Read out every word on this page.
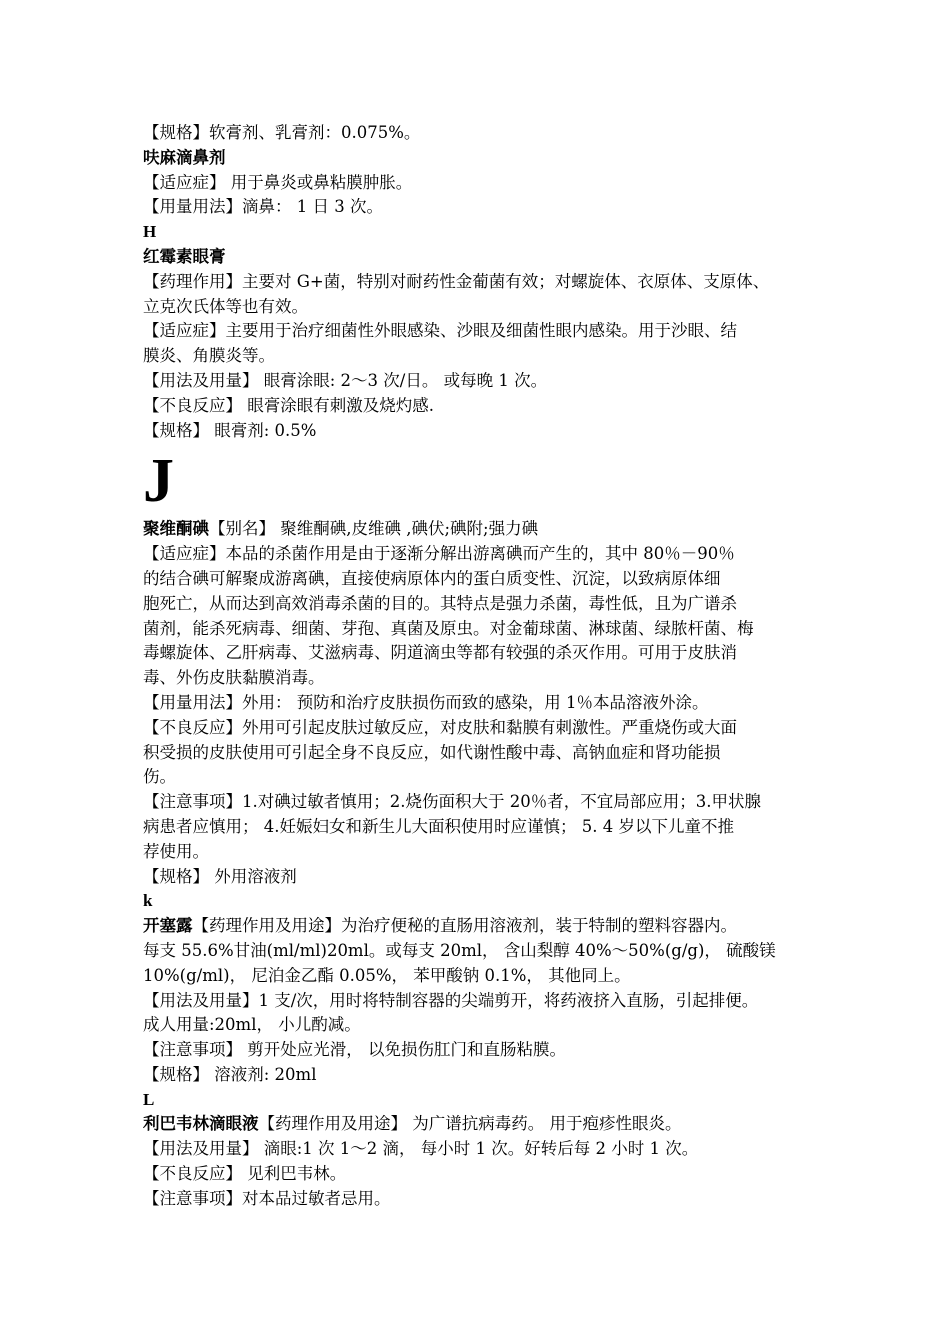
【规格】软膏剂、乳膏剂：0.075%。

呋麻滴鼻剂

【适应症】 用于鼻炎或鼻粘膜肿胀。

【用量用法】滴鼻： 1 日 3 次。

H

红霉素眼膏

【药理作用】主要对 G+菌，特别对耐药性金葡菌有效；对螺旋体、衣原体、支原体、

立克次氏体等也有效。

【适应症】主要用于治疗细菌性外眼感染、沙眼及细菌性眼内感染。用于沙眼、结

膜炎、角膜炎等。

【用法及用量】 眼膏涂眼: 2～3 次/日。 或每晚 1 次。

【不良反应】 眼膏涂眼有刺激及烧灼感.

【规格】 眼膏剂: 0.5%

J

聚维酮碘【别名】 聚维酮碘,皮维碘 ,碘伏;碘附;强力碘

【适应症】本品的杀菌作用是由于逐渐分解出游离碘而产生的，其中 80％－90％

的结合碘可解聚成游离碘，直接使病原体内的蛋白质变性、沉淀，以致病原体细

胞死亡，从而达到高效消毒杀菌的目的。其特点是强力杀菌，毒性低，且为广谱杀

菌剂，能杀死病毒、细菌、芽孢、真菌及原虫。对金葡球菌、淋球菌、绿脓杆菌、梅

毒螺旋体、乙肝病毒、艾滋病毒、阴道滴虫等都有较强的杀灭作用。可用于皮肤消

毒、外伤皮肤黏膜消毒。

【用量用法】外用： 预防和治疗皮肤损伤而致的感染，用 1％本品溶液外涂。

【不良反应】外用可引起皮肤过敏反应，对皮肤和黏膜有刺激性。严重烧伤或大面

积受损的皮肤使用可引起全身不良反应，如代谢性酸中毒、高钠血症和肾功能损

伤。

【注意事项】1.对碘过敏者慎用；2.烧伤面积大于 20％者，不宜局部应用；3.甲状腺

病患者应慎用； 4.妊娠妇女和新生儿大面积使用时应谨慎； 5. 4 岁以下儿童不推

荐使用。

【规格】 外用溶液剂

k

开塞露【药理作用及用途】为治疗便秘的直肠用溶液剂，装于特制的塑料容器内。

每支 55.6%甘油(ml/ml)20ml。或每支 20ml， 含山梨醇 40%～50%(g/g)， 硫酸镁

10%(g/ml)， 尼泊金乙酯 0.05%， 苯甲酸钠 0.1%， 其他同上。

【用法及用量】1 支/次，用时将特制容器的尖端剪开，将药液挤入直肠，引起排便。

成人用量:20ml， 小儿酌减。

【注意事项】 剪开处应光滑， 以免损伤肛门和直肠粘膜。

【规格】 溶液剂: 20ml

L

利巴韦林滴眼液【药理作用及用途】 为广谱抗病毒药。 用于疱疹性眼炎。

【用法及用量】 滴眼:1 次 1～2 滴， 每小时 1 次。好转后每 2 小时 1 次。

【不良反应】 见利巴韦林。

【注意事项】对本品过敏者忌用。
